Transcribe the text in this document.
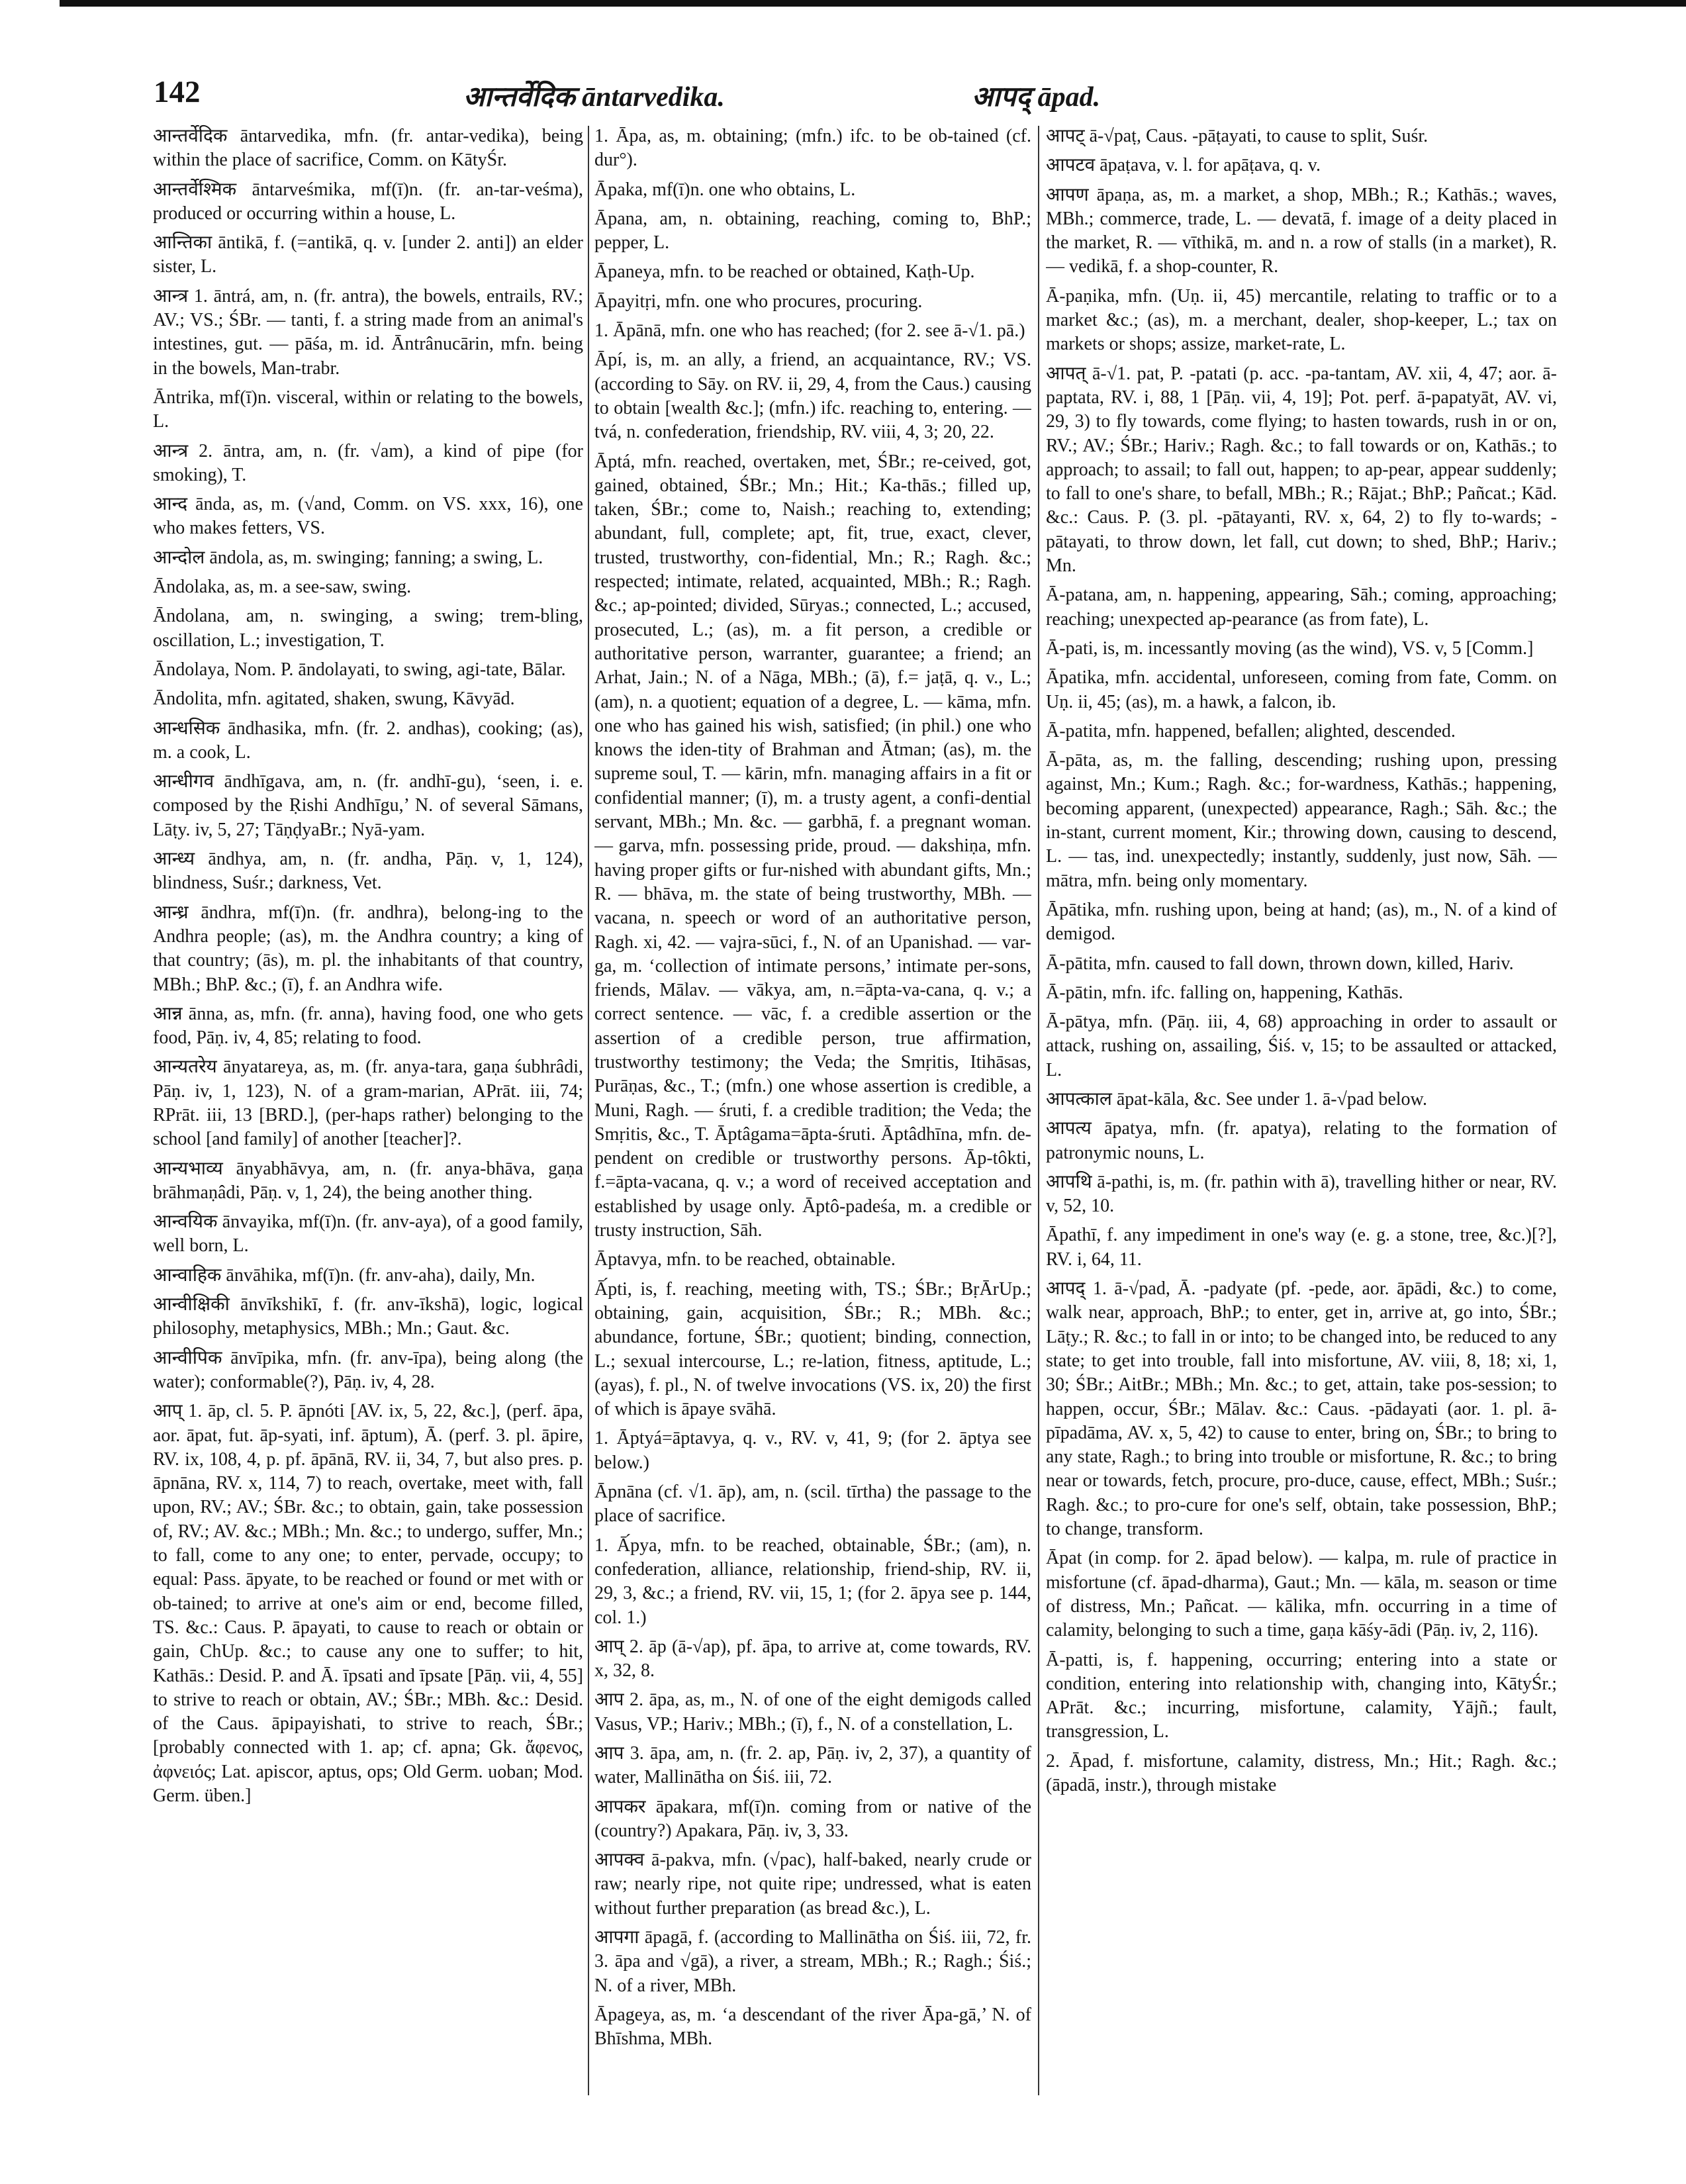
142	आन्तर्वेदिक āntarvedika.	आपद् āpad.

आन्तर्वेदिक āntarvedika, mfn. (fr. antar-vedika), being within the place of sacrifice, Comm. on KātyŚr.

आन्तर्वेश्मिक āntarveśmika, mf(ī)n. (fr. an-tar-veśma), produced or occurring within a house, L.

आन्तिका āntikā, f. (=antikā, q. v. [under 2. anti]) an elder sister, L.

आन्त्र 1. āntrá, am, n. (fr. antra), the bowels, entrails, RV.; AV.; VS.; ŚBr. — tanti, f. a string made from an animal's intestines, gut. — pāśa, m. id. Āntrânucārin, mfn. being in the bowels, Man-trabr.

Āntrika, mf(ī)n. visceral, within or relating to the bowels, L.

आन्त्र 2. āntra, am, n. (fr. √am), a kind of pipe (for smoking), T.

आन्द ānda, as, m. (√and, Comm. on VS. xxx, 16), one who makes fetters, VS.

आन्दोल āndola, as, m. swinging; fanning; a swing, L.

Āndolaka, as, m. a see-saw, swing.

Āndolana, am, n. swinging, a swing; trem-bling, oscillation, L.; investigation, T.

Āndolaya, Nom. P. āndolayati, to swing, agi-tate, Bālar.

Āndolita, mfn. agitated, shaken, swung, Kāvyād.

आन्धसिक āndhasika, mfn. (fr. 2. andhas), cooking; (as), m. a cook, L.

आन्धीगव āndhīgava, am, n. (fr. andhī-gu), ‘seen, i. e. composed by the Ṛishi Andhīgu,’ N. of several Sāmans, Lāṭy. iv, 5, 27; TāṇḍyaBr.; Nyā-yam.

आन्ध्य āndhya, am, n. (fr. andha, Pāṇ. v, 1, 124), blindness, Suśr.; darkness, Vet.

आन्ध्र āndhra, mf(ī)n. (fr. andhra), belong-ing to the Andhra people; (as), m. the Andhra country; a king of that country; (ās), m. pl. the inhabitants of that country, MBh.; BhP. &c.; (ī), f. an Andhra wife.

आन्न ānna, as, mfn. (fr. anna), having food, one who gets food, Pāṇ. iv, 4, 85; relating to food.

आन्यतरेय ānyatareya, as, m. (fr. anya-tara, gaṇa śubhrâdi, Pāṇ. iv, 1, 123), N. of a gram-marian, APrāt. iii, 74; RPrāt. iii, 13 [BRD.], (per-haps rather) belonging to the school [and family] of another [teacher]?.

आन्यभाव्य ānyabhāvya, am, n. (fr. anya-bhāva, gaṇa brāhmaṇâdi, Pāṇ. v, 1, 24), the being another thing.

आन्वयिक ānvayika, mf(ī)n. (fr. anv-aya), of a good family, well born, L.

आन्वाहिक ānvāhika, mf(ī)n. (fr. anv-aha), daily, Mn.

आन्वीक्षिकी ānvīkshikī, f. (fr. anv-īkshā), logic, logical philosophy, metaphysics, MBh.; Mn.; Gaut. &c.

आन्वीपिक ānvīpika, mfn. (fr. anv-īpa), being along (the water); conformable(?), Pāṇ. iv, 4, 28.

आप् 1. āp, cl. 5. P. āpnóti [AV. ix, 5, 22, &c.], (perf. āpa, aor. āpat, fut. āp-syati, inf. āptum), Ā. (perf. 3. pl. āpire, RV. ix, 108, 4, p. pf. āpānā, RV. ii, 34, 7, but also pres. p. āpnāna, RV. x, 114, 7) to reach, overtake, meet with, fall upon, RV.; AV.; ŚBr. &c.; to obtain, gain, take possession of, RV.; AV. &c.; MBh.; Mn. &c.; to undergo, suffer, Mn.; to fall, come to any one; to enter, pervade, occupy; to equal: Pass. āpyate, to be reached or found or met with or ob-tained; to arrive at one's aim or end, become filled, TS. &c.: Caus. P. āpayati, to cause to reach or obtain or gain, ChUp. &c.; to cause any one to suffer; to hit, Kathās.: Desid. P. and Ā. īpsati and īpsate [Pāṇ. vii, 4, 55] to strive to reach or obtain, AV.; ŚBr.; MBh. &c.: Desid. of the Caus. āpipayishati, to strive to reach, ŚBr.; [probably connected with 1. ap; cf. apna; Gk. ἄφενος, ἀφνειός; Lat. apiscor, aptus, ops; Old Germ. uoban; Mod. Germ. üben.]

1. Āpa, as, m. obtaining; (mfn.) ifc. to be ob-tained (cf. dur°).

Āpaka, mf(ī)n. one who obtains, L.

Āpana, am, n. obtaining, reaching, coming to, BhP.; pepper, L.

Āpaneya, mfn. to be reached or obtained, Kaṭh-Up.

Āpayitṛi, mfn. one who procures, procuring.

1. Āpānā, mfn. one who has reached; (for 2. see ā-√1. pā.)

Āpí, is, m. an ally, a friend, an acquaintance, RV.; VS. (according to Sāy. on RV. ii, 29, 4, from the Caus.) causing to obtain [wealth &c.]; (mfn.) ifc. reaching to, entering. — tvá, n. confederation, friendship, RV. viii, 4, 3; 20, 22.

Āptá, mfn. reached, overtaken, met, ŚBr.; re-ceived, got, gained, obtained, ŚBr.; Mn.; Hit.; Ka-thās.; filled up, taken, ŚBr.; come to, Naish.; reaching to, extending; abundant, full, complete; apt, fit, true, exact, clever, trusted, trustworthy, con-fidential, Mn.; R.; Ragh. &c.; respected; intimate, related, acquainted, MBh.; R.; Ragh. &c.; ap-pointed; divided, Sūryas.; connected, L.; accused, prosecuted, L.; (as), m. a fit person, a credible or authoritative person, warranter, guarantee; a friend; an Arhat, Jain.; N. of a Nāga, MBh.; (ā), f.= jaṭā, q. v., L.; (am), n. a quotient; equation of a degree, L. — kāma, mfn. one who has gained his wish, satisfied; (in phil.) one who knows the iden-tity of Brahman and Ātman; (as), m. the supreme soul, T. — kārin, mfn. managing affairs in a fit or confidential manner; (ī), m. a trusty agent, a confi-dential servant, MBh.; Mn. &c. — garbhā, f. a pregnant woman. — garva, mfn. possessing pride, proud. — dakshiṇa, mfn. having proper gifts or fur-nished with abundant gifts, Mn.; R. — bhāva, m. the state of being trustworthy, MBh. — vacana, n. speech or word of an authoritative person, Ragh. xi, 42. — vajra-sūci, f., N. of an Upanishad. — var-ga, m. ‘collection of intimate persons,’ intimate per-sons, friends, Mālav. — vākya, am, n.=āpta-va-cana, q. v.; a correct sentence. — vāc, f. a credible assertion or the assertion of a credible person, true affirmation, trustworthy testimony; the Veda; the Smṛitis, Itihāsas, Purāṇas, &c., T.; (mfn.) one whose assertion is credible, a Muni, Ragh. — śruti, f. a credible tradition; the Veda; the Smṛitis, &c., T. Āptâgama=āpta-śruti. Āptâdhīna, mfn. de-pendent on credible or trustworthy persons. Āp-tôkti, f.=āpta-vacana, q. v.; a word of received acceptation and established by usage only. Āptô-padeśa, m. a credible or trusty instruction, Sāh.

Āptavya, mfn. to be reached, obtainable.

Ā́pti, is, f. reaching, meeting with, TS.; ŚBr.; BṛĀrUp.; obtaining, gain, acquisition, ŚBr.; R.; MBh. &c.; abundance, fortune, ŚBr.; quotient; binding, connection, L.; sexual intercourse, L.; re-lation, fitness, aptitude, L.; (ayas), f. pl., N. of twelve invocations (VS. ix, 20) the first of which is āpaye svāhā.

1. Āptyá=āptavya, q. v., RV. v, 41, 9; (for 2. āptya see below.)

Āpnāna (cf. √1. āp), am, n. (scil. tīrtha) the passage to the place of sacrifice.

1. Ā́pya, mfn. to be reached, obtainable, ŚBr.; (am), n. confederation, alliance, relationship, friend-ship, RV. ii, 29, 3, &c.; a friend, RV. vii, 15, 1; (for 2. āpya see p. 144, col. 1.)

आप् 2. āp (ā-√ap), pf. āpa, to arrive at, come towards, RV. x, 32, 8.

आप 2. āpa, as, m., N. of one of the eight demigods called Vasus, VP.; Hariv.; MBh.; (ī), f., N. of a constellation, L.

आप 3. āpa, am, n. (fr. 2. ap, Pāṇ. iv, 2, 37), a quantity of water, Mallinātha on Śiś. iii, 72.

आपकर āpakara, mf(ī)n. coming from or native of the (country?) Apakara, Pāṇ. iv, 3, 33.

आपक्व ā-pakva, mfn. (√pac), half-baked, nearly crude or raw; nearly ripe, not quite ripe; undressed, what is eaten without further preparation (as bread &c.), L.

आपगा āpagā, f. (according to Mallinātha on Śiś. iii, 72, fr. 3. āpa and √gā), a river, a stream, MBh.; R.; Ragh.; Śiś.; N. of a river, MBh.

Āpageya, as, m. ‘a descendant of the river Āpa-gā,’ N. of Bhīshma, MBh.

आपट् ā-√paṭ, Caus. -pāṭayati, to cause to split, Suśr.

आपटव āpaṭava, v. l. for apāṭava, q. v.

आपण āpaṇa, as, m. a market, a shop, MBh.; R.; Kathās.; waves, MBh.; commerce, trade, L. — devatā, f. image of a deity placed in the market, R. — vīthikā, m. and n. a row of stalls (in a market), R. — vedikā, f. a shop-counter, R.

Ā-paṇika, mfn. (Uṇ. ii, 45) mercantile, relating to traffic or to a market &c.; (as), m. a merchant, dealer, shop-keeper, L.; tax on markets or shops; assize, market-rate, L.

आपत् ā-√1. pat, P. -patati (p. acc. -pa-tantam, AV. xii, 4, 47; aor. ā-paptata, RV. i, 88, 1 [Pāṇ. vii, 4, 19]; Pot. perf. ā-papatyāt, AV. vi, 29, 3) to fly towards, come flying; to hasten towards, rush in or on, RV.; AV.; ŚBr.; Hariv.; Ragh. &c.; to fall towards or on, Kathās.; to approach; to assail; to fall out, happen; to ap-pear, appear suddenly; to fall to one's share, to befall, MBh.; R.; Rājat.; BhP.; Pañcat.; Kād. &c.: Caus. P. (3. pl. -pātayanti, RV. x, 64, 2) to fly to-wards; -pātayati, to throw down, let fall, cut down; to shed, BhP.; Hariv.; Mn.

Ā-patana, am, n. happening, appearing, Sāh.; coming, approaching; reaching; unexpected ap-pearance (as from fate), L.

Ā-pati, is, m. incessantly moving (as the wind), VS. v, 5 [Comm.]

Āpatika, mfn. accidental, unforeseen, coming from fate, Comm. on Uṇ. ii, 45; (as), m. a hawk, a falcon, ib.

Ā-patita, mfn. happened, befallen; alighted, descended.

Ā-pāta, as, m. the falling, descending; rushing upon, pressing against, Mn.; Kum.; Ragh. &c.; for-wardness, Kathās.; happening, becoming apparent, (unexpected) appearance, Ragh.; Sāh. &c.; the in-stant, current moment, Kir.; throwing down, causing to descend, L. — tas, ind. unexpectedly; instantly, suddenly, just now, Sāh. — mātra, mfn. being only momentary.

Āpātika, mfn. rushing upon, being at hand; (as), m., N. of a kind of demigod.

Ā-pātita, mfn. caused to fall down, thrown down, killed, Hariv.

Ā-pātin, mfn. ifc. falling on, happening, Kathās.

Ā-pātya, mfn. (Pāṇ. iii, 4, 68) approaching in order to assault or attack, rushing on, assailing, Śiś. v, 15; to be assaulted or attacked, L.

आपत्काल āpat-kāla, &c. See under 1. ā-√pad below.

आपत्य āpatya, mfn. (fr. apatya), relating to the formation of patronymic nouns, L.

आपथि ā-pathi, is, m. (fr. pathin with ā), travelling hither or near, RV. v, 52, 10.

Āpathī, f. any impediment in one's way (e. g. a stone, tree, &c.)[?], RV. i, 64, 11.

आपद् 1. ā-√pad, Ā. -padyate (pf. -pede, aor. āpādi, &c.) to come, walk near, approach, BhP.; to enter, get in, arrive at, go into, ŚBr.; Lāṭy.; R. &c.; to fall in or into; to be changed into, be reduced to any state; to get into trouble, fall into misfortune, AV. viii, 8, 18; xi, 1, 30; ŚBr.; AitBr.; MBh.; Mn. &c.; to get, attain, take pos-session; to happen, occur, ŚBr.; Mālav. &c.: Caus. -pādayati (aor. 1. pl. ā-pīpadāma, AV. x, 5, 42) to cause to enter, bring on, ŚBr.; to bring to any state, Ragh.; to bring into trouble or misfortune, R. &c.; to bring near or towards, fetch, procure, pro-duce, cause, effect, MBh.; Suśr.; Ragh. &c.; to pro-cure for one's self, obtain, take possession, BhP.; to change, transform.

Āpat (in comp. for 2. āpad below). — kalpa, m. rule of practice in misfortune (cf. āpad-dharma), Gaut.; Mn. — kāla, m. season or time of distress, Mn.; Pañcat. — kālika, mfn. occurring in a time of calamity, belonging to such a time, gaṇa kāśy-ādi (Pāṇ. iv, 2, 116).

Ā-patti, is, f. happening, occurring; entering into a state or condition, entering into relationship with, changing into, KātyŚr.; APrāt. &c.; incurring, misfortune, calamity, Yājñ.; fault, transgression, L.

2. Āpad, f. misfortune, calamity, distress, Mn.; Hit.; Ragh. &c.; (āpadā, instr.), through mistake
